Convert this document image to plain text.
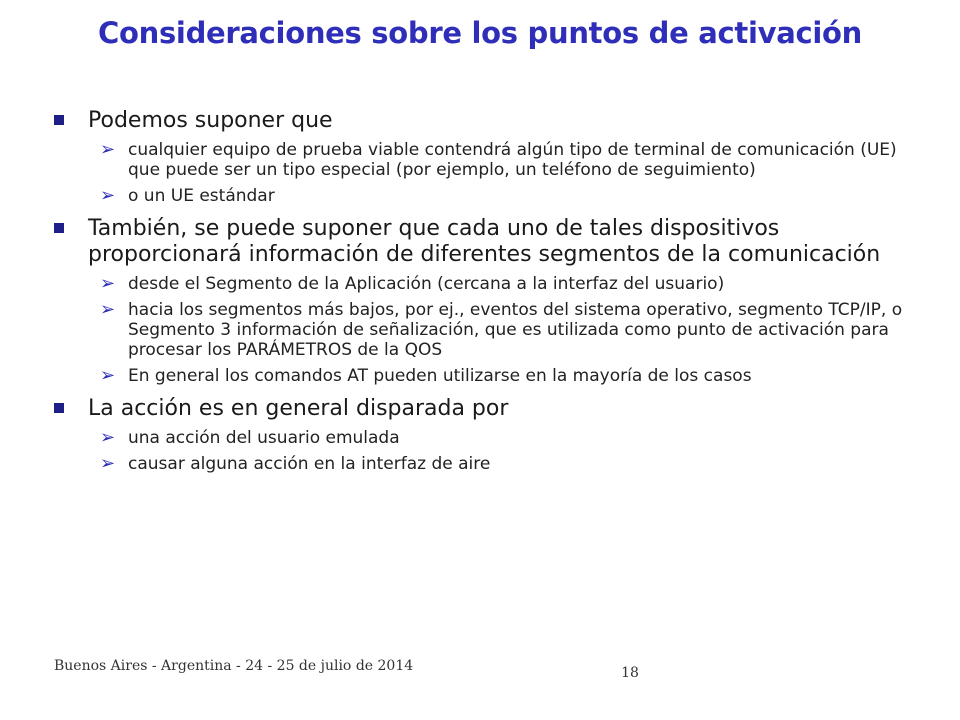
Consideraciones sobre los puntos de activación
Podemos suponer que
➢ cualquier equipo de prueba viable contendrá algún tipo de terminal de comunicación (UE) que puede ser un tipo especial (por ejemplo, un teléfono de seguimiento)
➢ o un UE estándar
También, se puede suponer que cada uno de tales dispositivos proporcionará información de diferentes segmentos de la comunicación
➢ desde el Segmento de la Aplicación (cercana a la interfaz del usuario)
➢ hacia los segmentos más bajos, por ej., eventos del sistema operativo, segmento TCP/IP, o Segmento 3 información de señalización, que es utilizada como punto de activación para procesar los PARÁMETROS de la QOS
➢ En general los comandos AT pueden utilizarse en la mayoría de los casos
La acción es en general disparada por
➢ una acción del usuario emulada
➢ causar alguna acción en la interfaz de aire
Buenos Aires - Argentina - 24 - 25 de julio de 2014	18
